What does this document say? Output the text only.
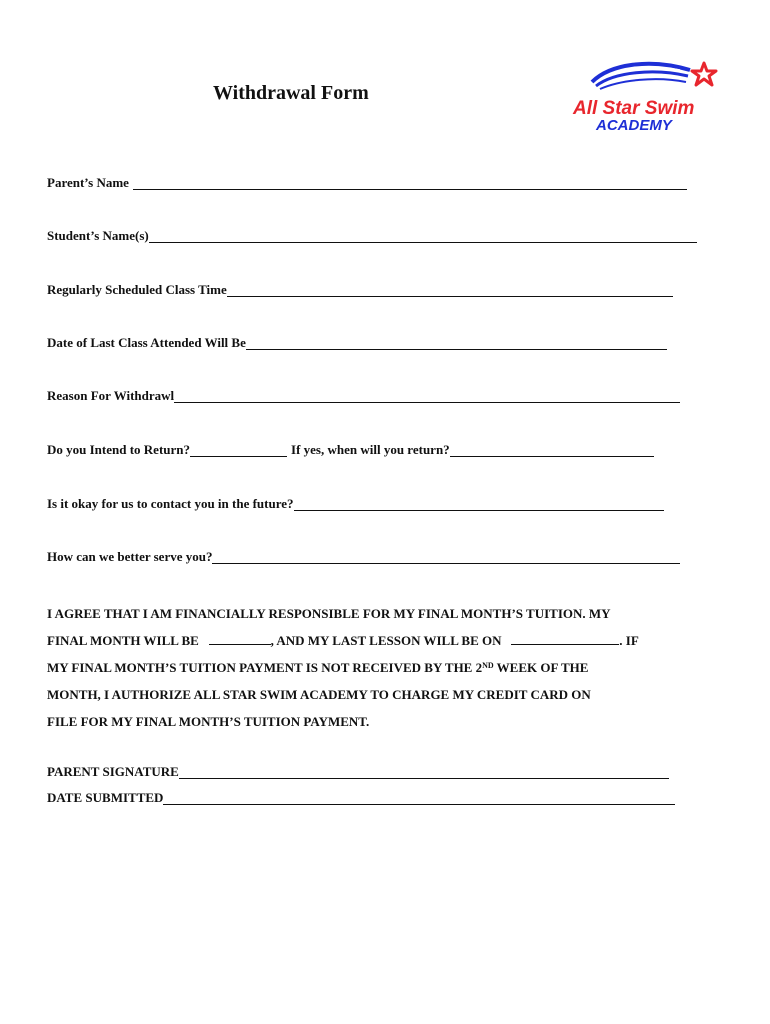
Withdrawal Form
All Star Swim
ACADEMY
Parent’s Name
Student’s Name(s)
Regularly Scheduled Class Time
Date of Last Class Attended Will Be
Reason For Withdrawl
Do you Intend to Return?	If yes, when will you return?
Is it okay for us to contact you in the future?
How can we better serve you?

I AGREE THAT I AM FINANCIALLY RESPONSIBLE FOR MY FINAL MONTH’S TUITION. MY

FINAL MONTH WILL BE	, AND MY LAST LESSON WILL BE ON	. IF

MY FINAL MONTH’S TUITION PAYMENT IS NOT RECEIVED BY THE 2ND WEEK OF THE

MONTH, I AUTHORIZE ALL STAR SWIM ACADEMY TO CHARGE MY CREDIT CARD ON

FILE FOR MY FINAL MONTH’S TUITION PAYMENT.

PARENT SIGNATURE
DATE SUBMITTED
